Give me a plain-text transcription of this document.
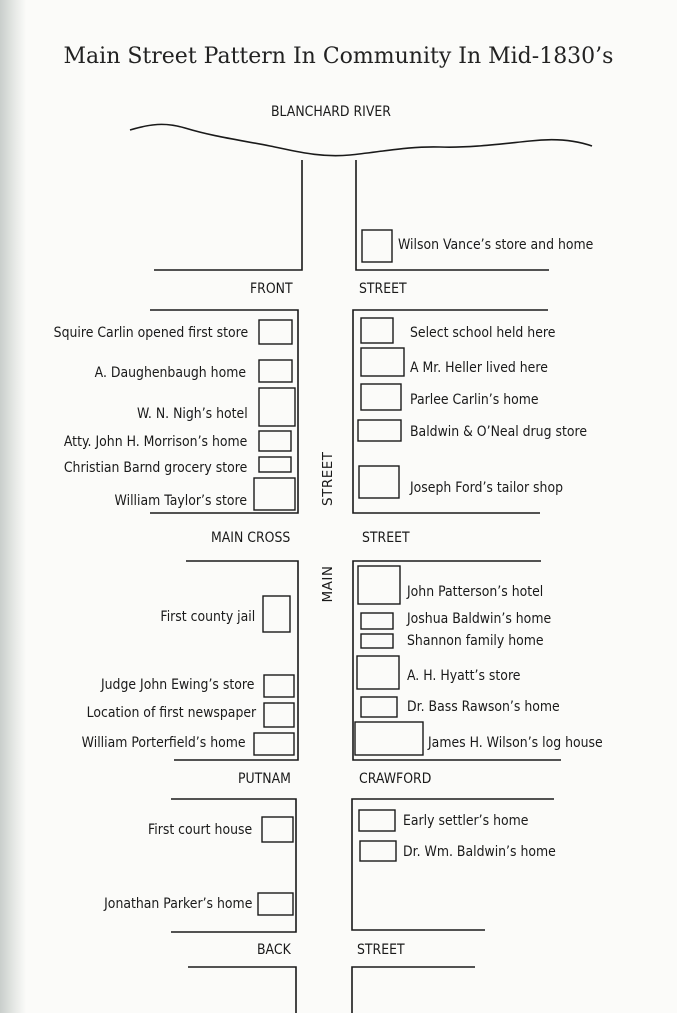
Main Street Pattern In Community In Mid-1830’s
BLANCHARD RIVER
FRONT	STREET
MAIN CROSS	STREET
PUTNAM	CRAWFORD
BACK	STREET
STREET
MAIN
Squire Carlin opened first store
A. Daughenbaugh home
W. N. Nigh’s hotel
Atty. John H. Morrison’s home
Christian Barnd grocery store
William Taylor’s store
First county jail
Judge John Ewing’s store
Location of first newspaper
William Porterfield’s home
First court house
Jonathan Parker’s home
Wilson Vance’s store and home
Select school held here
A Mr. Heller lived here
Parlee Carlin’s home
Baldwin & O’Neal drug store
Joseph Ford’s tailor shop
John Patterson’s hotel
Joshua Baldwin’s home
Shannon family home
A. H. Hyatt’s store
Dr. Bass Rawson’s home
James H. Wilson’s log house
Early settler’s home
Dr. Wm. Baldwin’s home
